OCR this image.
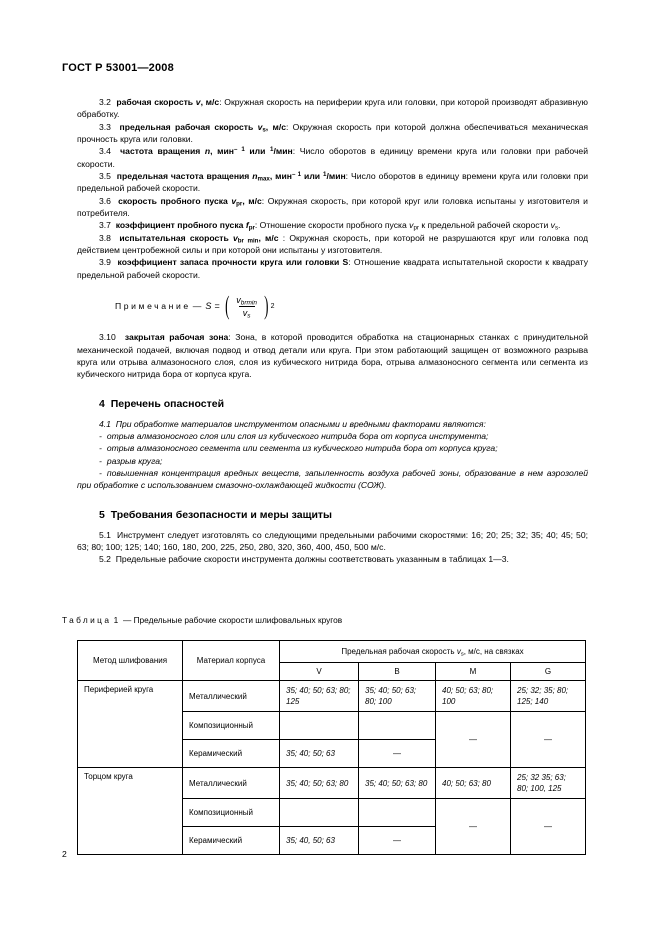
ГОСТ Р 53001—2008

3.2 рабочая скорость v, м/с: Окружная скорость на периферии круга или головки, при которой производят абразивную обработку.

3.3 предельная рабочая скорость $v_s$, м/с: Окружная скорость при которой должна обеспечиваться механическая прочность круга или головки.

3.4 частота вращения n, мин$^{- 1}$ или $^1$/мин: Число оборотов в единицу времени круга или головки при рабочей скорости.

3.5 предельная частота вращения $n_{max}$, мин$^{- 1}$ или $^1$/мин: Число оборотов в единицу времени круга или головки при предельной рабочей скорости.

3.6 скорость пробного пуска $v_{pr}$, м/с: Окружная скорость, при которой круг или головка испытаны у изготовителя и потребителя.

3.7 коэффициент пробного пуска $f_{pr}$: Отношение скорости пробного пуска $v_{pr}$ к предельной рабочей скорости $v_s$.

3.8 испытательная скорость $v_{br min}$, м/с : Окружная скорость, при которой не разрушаются круг или головка под действием центробежной силы и при которой они испытаны у изготовителя.

3.9 коэффициент запаса прочности круга или головки S: Отношение квадрата испытательной скорости к квадрату предельной рабочей скорости.

Примечание — S = ( $\frac{v_{brmin}}{v_s}$ ) 2

3.10 закрытая рабочая зона: Зона, в которой проводится обработка на стационарных станках с принудительной механической подачей, включая подвод и отвод детали или круга. При этом работающий защищен от возможного разрыва круга или отрыва алмазоносного слоя, слоя из кубического нитрида бора, отрыва алмазоносного сегмента или сегмента из кубического нитрида бора от корпуса круга.

4 Перечень опасностей

4.1 При обработке материалов инструментом опасными и вредными факторами являются:

- отрыв алмазоносного слоя или слоя из кубического нитрида бора от корпуса инструмента;
- отрыв алмазоносного сегмента или сегмента из кубического нитрида бора от корпуса круга;
- разрыв круга;
- повышенная концентрация вредных веществ, запыленность воздуха рабочей зоны, образование в нем аэрозолей при обработке с использованием смазочно-охлаждающей жидкости (СОЖ).
5 Требования безопасности и меры защиты

5.1 Инструмент следует изготовлять со следующими предельными рабочими скоростями: 16; 20; 25; 32; 35; 40; 45; 50; 63; 80; 100; 125; 140; 160, 180, 200, 225, 250, 280, 320, 360, 400, 450, 500 м/с.

5.2 Предельные рабочие скорости инструмента должны соответствовать указанным в таблицах 1—3.

Таблица 1 — Предельные рабочие скорости шлифовальных кругов
Метод шлифования	Материал корпуса	Предельная рабочая скорость $v_s$, м/с, на связках			
		V	B	M	G
Периферией круга	Металлический	35; 40; 50; 63; 80; 125	35; 40; 50; 63; 80; 100	40; 50; 63; 80; 100	25; 32; 35; 80; 125; 140
	Композиционный			—	—
	Керамический	35; 40; 50; 63	—		
Торцом круга	Металлический	35; 40; 50; 63; 80	35; 40; 50; 63; 80	40; 50; 63; 80	25; 32 35; 63; 80; 100, 125
	Композиционный			—	—
	Керамический	35; 40, 50; 63	—		
2
